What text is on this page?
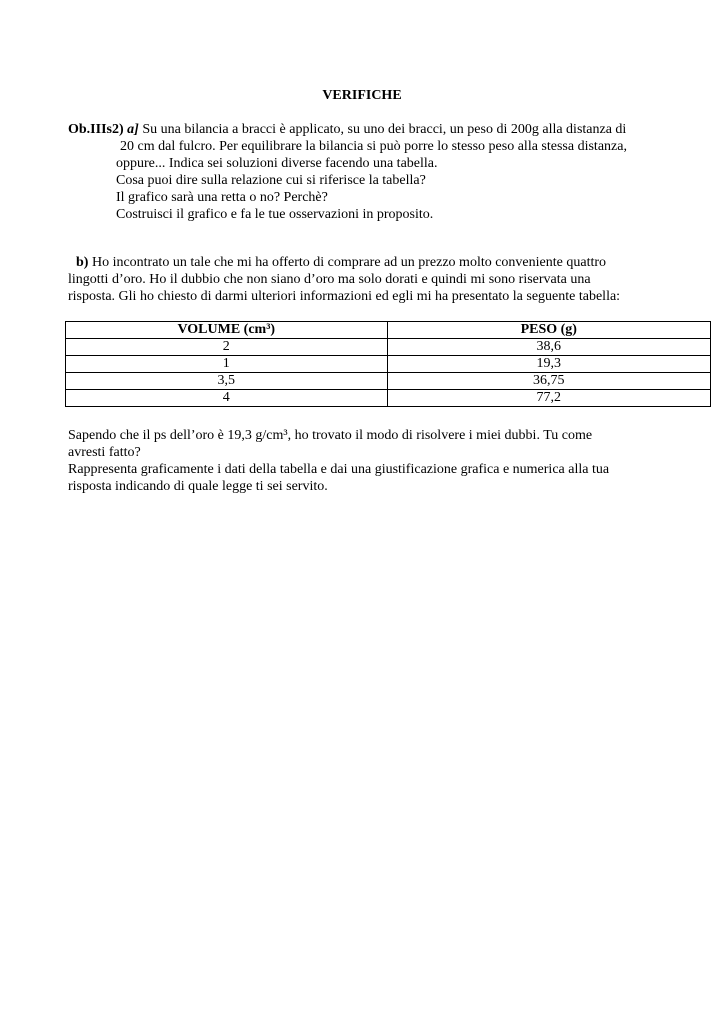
VERIFICHE
Ob.IIIs2) a] Su una bilancia a bracci è applicato, su uno dei bracci, un peso di 200g alla distanza di
20 cm dal fulcro. Per equilibrare la bilancia si può porre lo stesso peso alla stessa distanza,
oppure... Indica sei soluzioni diverse facendo una tabella.
Cosa puoi dire sulla relazione cui si riferisce la tabella?
Il grafico sarà una retta o no? Perchè?
Costruisci il grafico e fa le tue osservazioni in proposito.
b) Ho incontrato un tale che mi ha offerto di comprare ad un prezzo molto conveniente quattro
lingotti d’oro. Ho il dubbio che non siano d’oro ma solo dorati e quindi mi sono riservata una
risposta. Gli ho chiesto di darmi ulteriori informazioni ed egli mi ha presentato la seguente tabella:
VOLUME (cm³)	PESO (g)
2	38,6
1	19,3
3,5	36,75
4	77,2
Sapendo che il ps dell’oro è 19,3 g/cm³, ho trovato il modo di risolvere i miei dubbi. Tu come
avresti fatto?
Rappresenta graficamente i dati della tabella e dai una giustificazione grafica e numerica alla tua
risposta indicando di quale legge ti sei servito.
